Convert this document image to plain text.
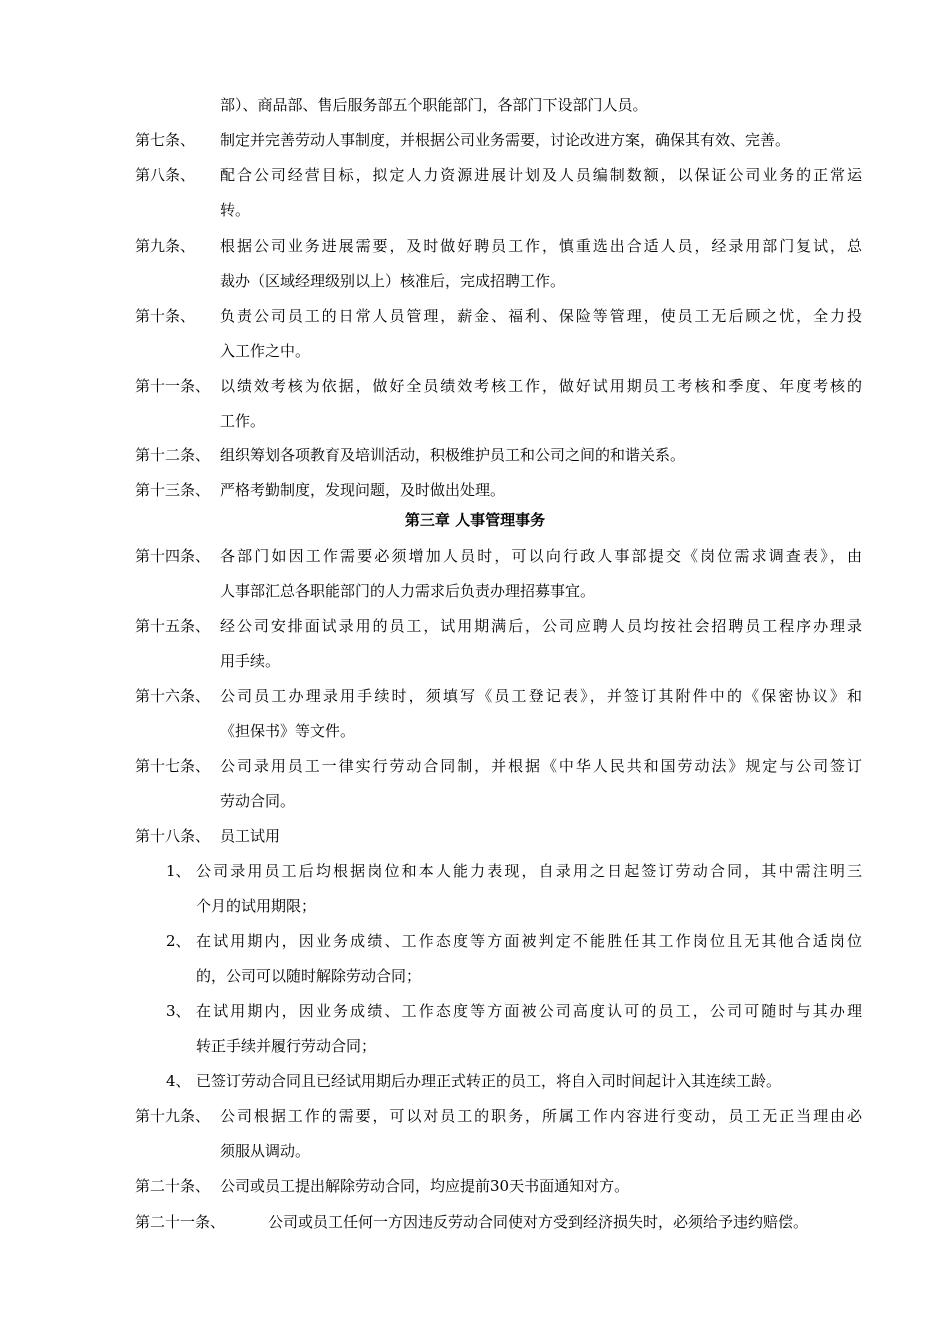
部）、商品部、售后服务部五个职能部门，各部门下设部门人员。
第七条、 制定并完善劳动人事制度，并根据公司业务需要，讨论改进方案，确保其有效、完善。
第八条、 配合公司经营目标，拟定人力资源进展计划及人员编制数额，以保证公司业务的正常运
转。
第九条、 根据公司业务进展需要，及时做好聘员工作，慎重选出合适人员，经录用部门复试，总
裁办（区域经理级别以上）核准后，完成招聘工作。
第十条、 负责公司员工的日常人员管理，薪金、福利、保险等管理，使员工无后顾之忧，全力投
入工作之中。
第十一条、 以绩效考核为依据，做好全员绩效考核工作，做好试用期员工考核和季度、年度考核的
工作。
第十二条、 组织筹划各项教育及培训活动，积极维护员工和公司之间的和谐关系。
第十三条、 严格考勤制度，发现问题，及时做出处理。
第三章 人事管理事务
第十四条、 各部门如因工作需要必须增加人员时，可以向行政人事部提交《岗位需求调查表》，由
人事部汇总各职能部门的人力需求后负责办理招募事宜。
第十五条、 经公司安排面试录用的员工，试用期满后，公司应聘人员均按社会招聘员工程序办理录
用手续。
第十六条、 公司员工办理录用手续时，须填写《员工登记表》，并签订其附件中的《保密协议》和
《担保书》等文件。
第十七条、 公司录用员工一律实行劳动合同制，并根据《中华人民共和国劳动法》规定与公司签订
劳动合同。
第十八条、 员工试用
1、 公司录用员工后均根据岗位和本人能力表现，自录用之日起签订劳动合同，其中需注明三
个月的试用期限；
2、 在试用期内，因业务成绩、工作态度等方面被判定不能胜任其工作岗位且无其他合适岗位
的，公司可以随时解除劳动合同；
3、 在试用期内，因业务成绩、工作态度等方面被公司高度认可的员工，公司可随时与其办理
转正手续并履行劳动合同；
4、 已签订劳动合同且已经试用期后办理正式转正的员工，将自入司时间起计入其连续工龄。
第十九条、 公司根据工作的需要，可以对员工的职务，所属工作内容进行变动，员工无正当理由必
须服从调动。
第二十条、 公司或员工提出解除劳动合同，均应提前30天书面通知对方。
第二十一条、	公司或员工任何一方因违反劳动合同使对方受到经济损失时，必须给予违约赔偿。
